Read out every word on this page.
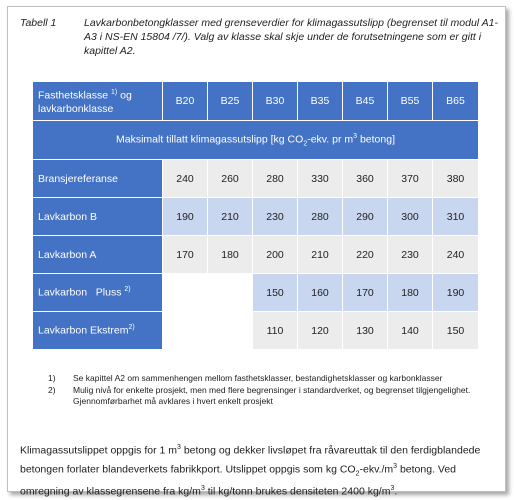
Tabell 1	Lavkarbonbetongklasser med grenseverdier for klimagassutslipp (begrenset til modul A1-A3 i NS-EN 15804 /7/). Valg av klasse skal skje under de forutsetningene som er gitt i kapittel A2.
Fasthetsklasse $^{1)}$ og
lavkarbonklasse	B20	B25	B30	B35	B45	B55	B65
Maksimalt tillatt klimagassutslipp [kg $CO_2$-ekv. pr $m^3$ betong]							
Bransjereferanse	240	260	280	330	360	370	380
Lavkarbon B	190	210	230	280	290	300	310
Lavkarbon A	170	180	200	210	220	230	240
Lavkarbon   Pluss $^{2)}$			150	160	170	180	190
Lavkarbon Ekstrem$^{2)}$			110	120	130	140	150
1) Se kapittel A2 om sammenhengen mellom fasthetsklasser, bestandighetsklasser og karbonklasser
2) Mulig nivå for enkelte prosjekt, men med flere begrensinger i standardverket, og begrenset tilgjengelighet. Gjennomførbarhet må avklares i hvert enkelt prosjekt
Klimagassutslippet oppgis for 1 $m^3$ betong og dekker livsløpet fra råvareuttak til den ferdigblandede betongen forlater blandeverkets fabrikkport. Utslippet oppgis som kg $CO_2-ekv./m^3$ betong. Ved omregning av klassegrensene fra $kg/m^3$ til kg/tonn brukes densiteten 2400 $kg/m^3$.
